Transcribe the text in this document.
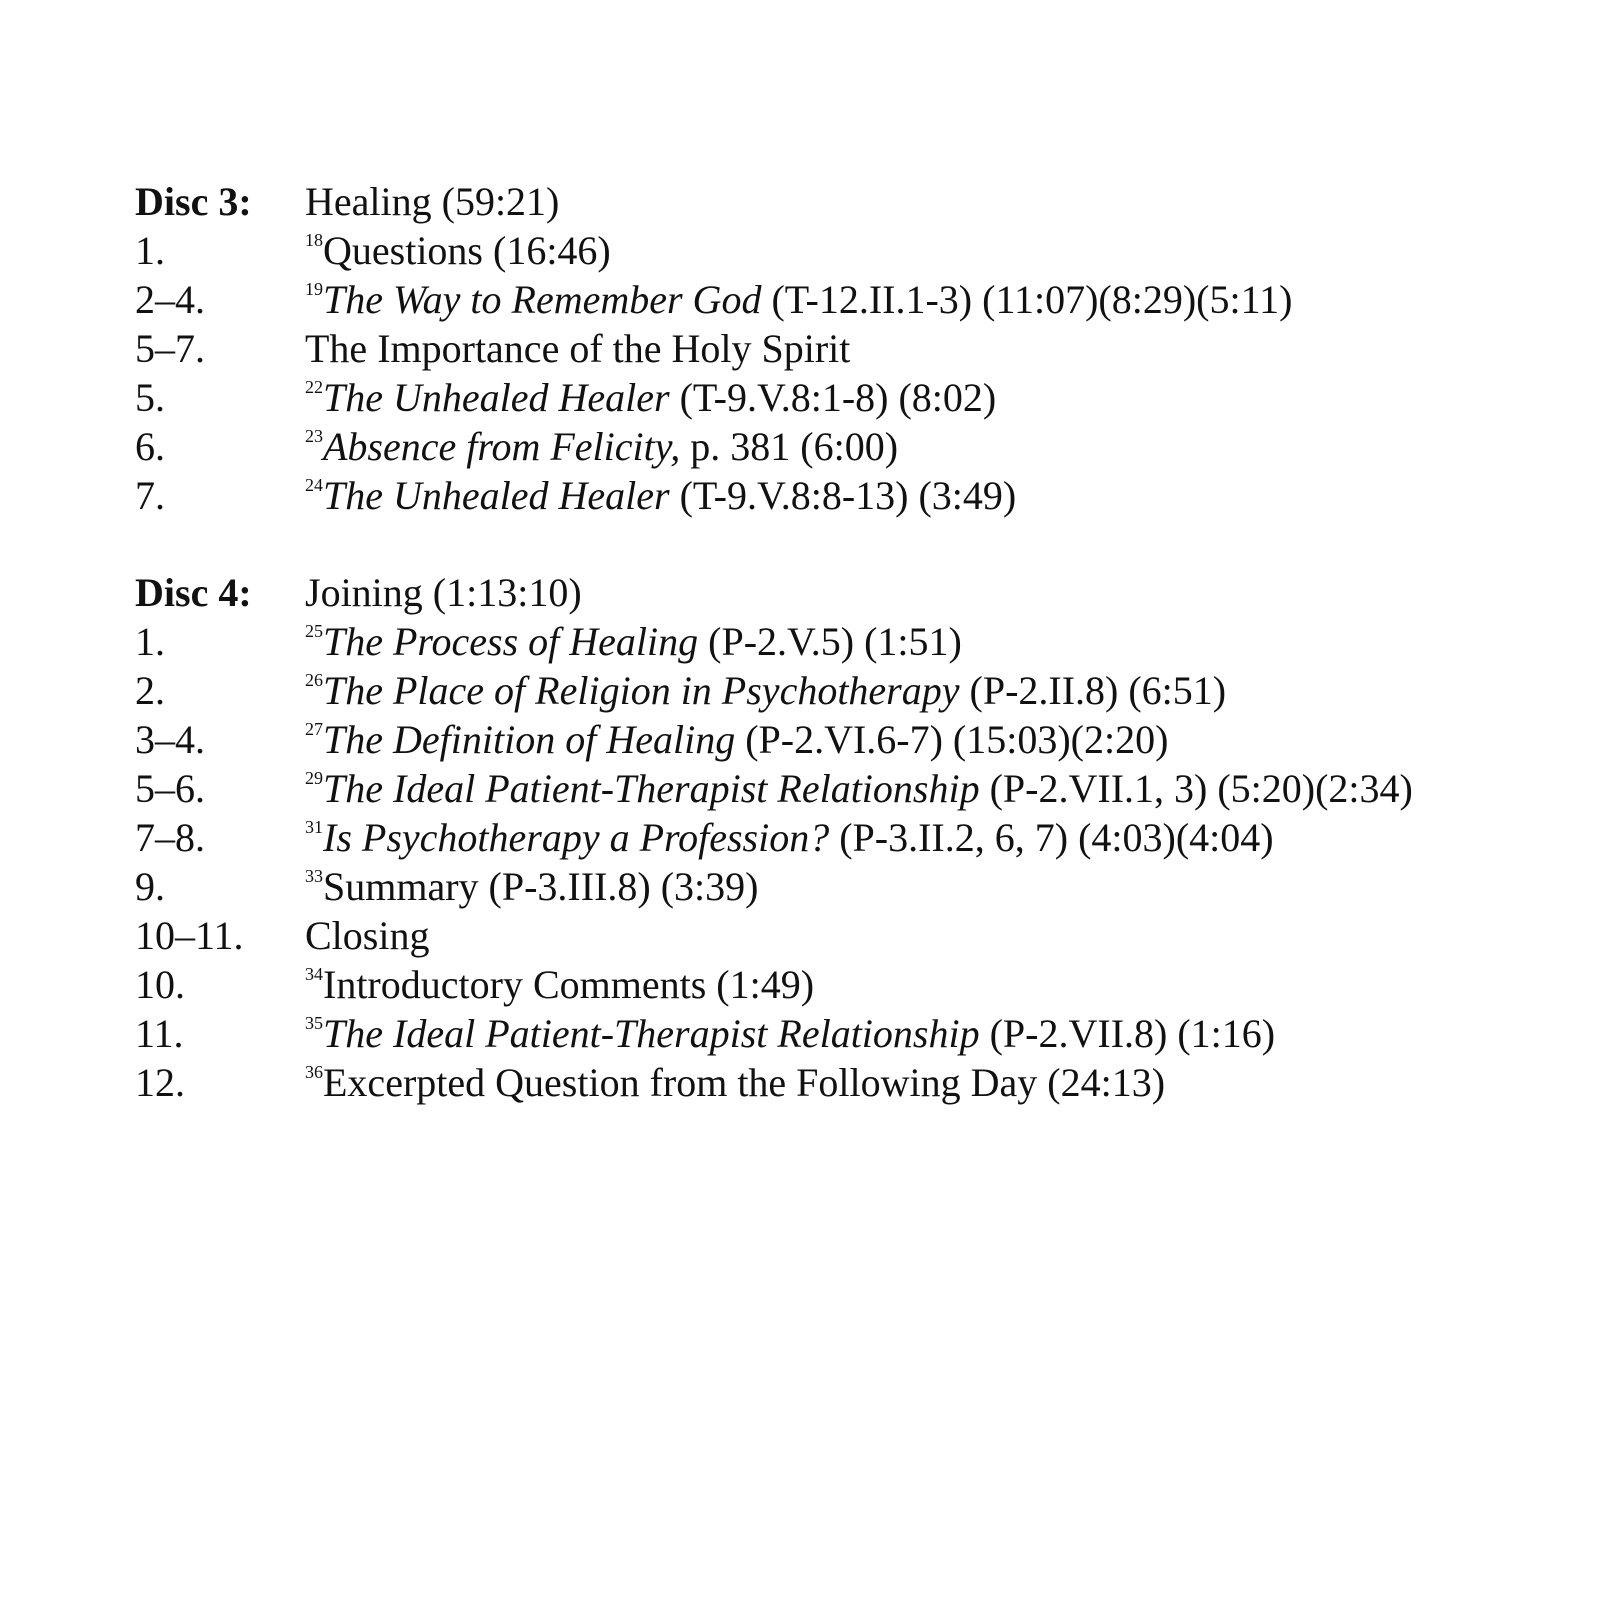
Disc 3:	Healing (59:21)
1.	$^{18}$Questions (16:46)
2–4.	$^{19}$The Way to Remember God (T-12.II.1-3) (11:07)(8:29)(5:11)
5–7.	The Importance of the Holy Spirit
5.	$^{22}$The Unhealed Healer (T-9.V.8:1-8) (8:02)
6.	$^{23}$Absence from Felicity, p. 381 (6:00)
7.	$^{24}$The Unhealed Healer (T-9.V.8:8-13) (3:49)
Disc 4:	Joining (1:13:10)
1.	$^{25}$The Process of Healing (P-2.V.5) (1:51)
2.	$^{26}$The Place of Religion in Psychotherapy (P-2.II.8) (6:51)
3–4.	$^{27}$The Definition of Healing (P-2.VI.6-7) (15:03)(2:20)
5–6.	$^{29}$The Ideal Patient-Therapist Relationship (P-2.VII.1, 3) (5:20)(2:34)
7–8.	$^{31}$Is Psychotherapy a Profession? (P-3.II.2, 6, 7) (4:03)(4:04)
9.	$^{33}$Summary (P-3.III.8) (3:39)
10–11.	Closing
10.	$^{34}$Introductory Comments (1:49)
11.	$^{35}$The Ideal Patient-Therapist Relationship (P-2.VII.8) (1:16)
12.	$^{36}$Excerpted Question from the Following Day (24:13)
